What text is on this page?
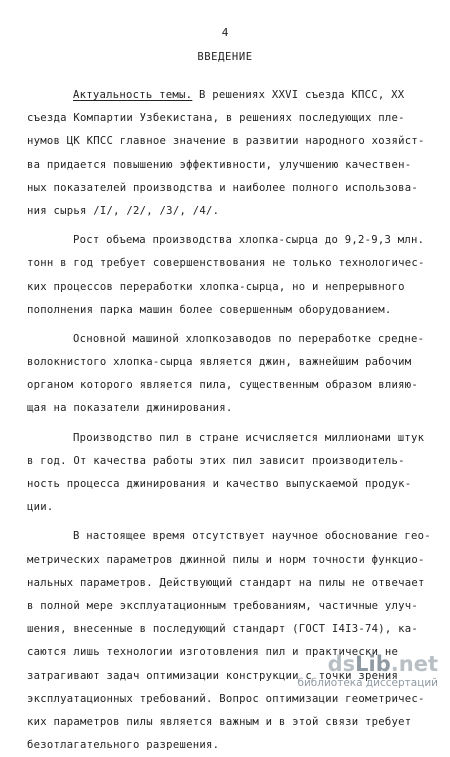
4
ВВЕДЕНИЕ
Актуальность темы. В решениях XXVI съезда КПСС, XX
съезда Компартии Узбекистана, в решениях последующих пле-
нумов ЦК КПСС главное значение в развитии народного хозяйст-
ва придается повышению эффективности, улучшению качествен-
ных показателей производства и наиболее полного использова-
ния сырья /I/, /2/, /3/, /4/.
Рост объема производства хлопка-сырца до 9,2-9,3 млн.
тонн в год требует совершенствования не только технологичес-
ких процессов переработки хлопка-сырца, но и непрерывного
пополнения парка машин более совершенным оборудованием.
Основной машиной хлопкозаводов по переработке средне-
волокнистого хлопка-сырца является джин, важнейшим рабочим
органом которого является пила, существенным образом влияю-
щая на показатели джинирования.
Производство пил в стране исчисляется миллионами штук
в год. От качества работы этих пил зависит производитель-
ность процесса джинирования и качество выпускаемой продук-
ции.
В настоящее время отсутствует научное обоснование гео-
метрических параметров джинной пилы и норм точности функцио-
нальных параметров. Действующий стандарт на пилы не отвечает
в полной мере эксплуатационным требованиям, частичные улуч-
шения, внесенные в последующий стандарт (ГОСТ I4I3-74), ка-
саются лишь технологии изготовления пил и практически не
затрагивают задач оптимизации конструкции с точки зрения
эксплуатационных требований. Вопрос оптимизации геометричес-
ких параметров пилы является важным и в этой связи требует
безотлагательного разрешения.
dsLib.net
библиотека диссертаций
